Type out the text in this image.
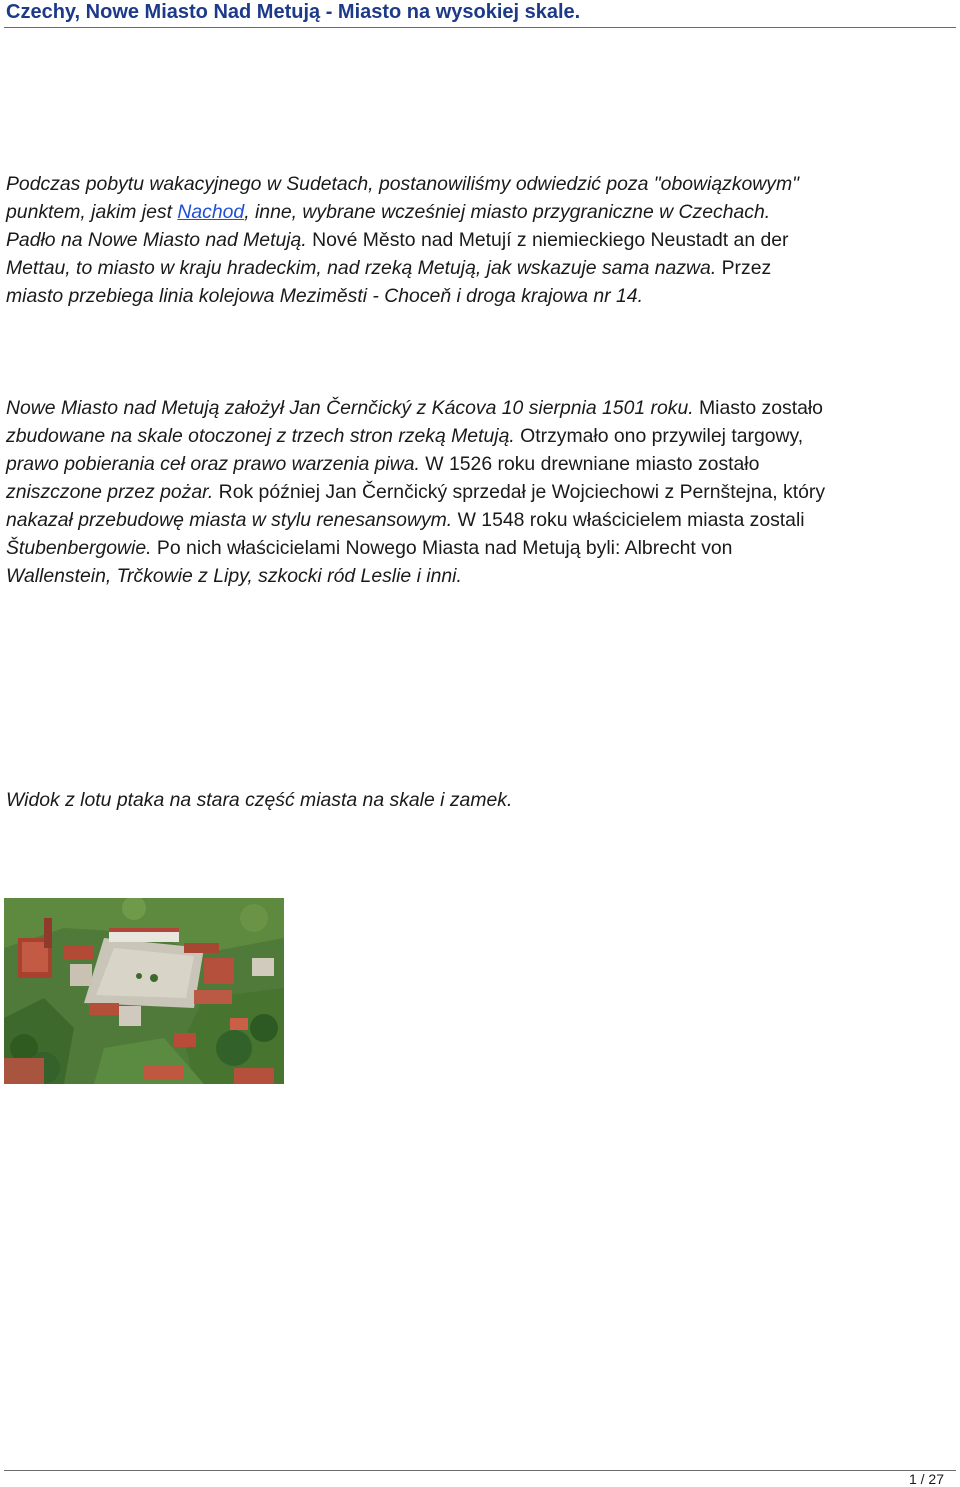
Czechy, Nowe Miasto Nad Metują - Miasto na wysokiej skale.
Podczas pobytu wakacyjnego w Sudetach, postanowiliśmy odwiedzić poza "obowiązkowym"
punktem, jakim jest Nachod, inne, wybrane wcześniej miasto przygraniczne w Czechach.
Padło na Nowe Miasto nad Metują. Nové Město nad Metují z niemieckiego Neustadt an der
Mettau, to miasto w kraju hradeckim, nad rzeką Metują, jak wskazuje sama nazwa. Przez
miasto przebiega linia kolejowa Meziměsti - Choceň i droga krajowa nr 14.
Nowe Miasto nad Metują założył Jan Černčický z Kácova 10 sierpnia 1501 roku. Miasto zostało
zbudowane na skale otoczonej z trzech stron rzeką Metują. Otrzymało ono przywilej targowy,
prawo pobierania ceł oraz prawo warzenia piwa. W 1526 roku drewniane miasto zostało
zniszczone przez pożar. Rok później Jan Černčický sprzedał je Wojciechowi z Pernštejna, który
nakazał przebudowę miasta w stylu renesansowym. W 1548 roku właścicielem miasta zostali
Štubenbergowie. Po nich właścicielami Nowego Miasta nad Metują byli: Albrecht von
Wallenstein, Trčkowie z Lipy, szkocki ród Leslie i inni.
Widok z lotu ptaka na stara część miasta na skale i zamek.
1 / 27
